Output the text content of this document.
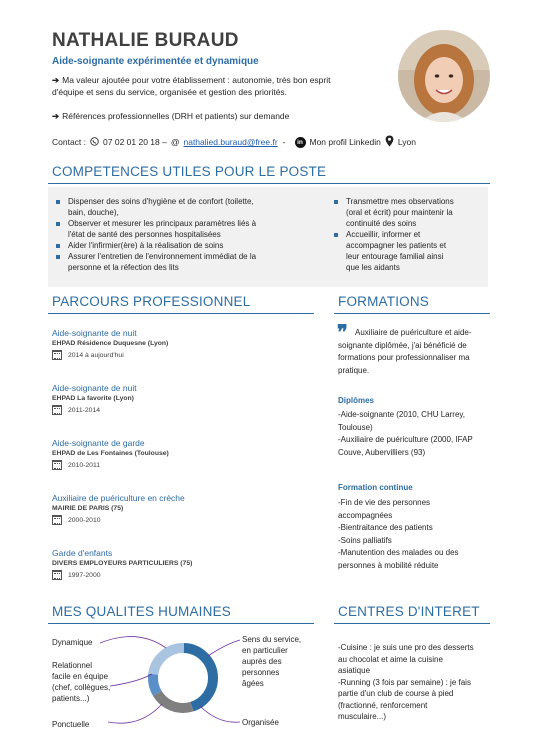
NATHALIE BURAUD
Aide-soignante expérimentée et dynamique
➔ Ma valeur ajoutée pour votre établissement : autonomie, très bon esprit
d'équipe et sens du service, organisée et gestion des priorités.
➔ Références professionnelles (DRH et patients) sur demande
Contact : 07 02 01 20 18 – @ nathalied.buraud@free.fr -	in Mon profil Linkedin Lyon
COMPETENCES UTILES POUR LE POSTE
Dispenser des soins d'hygiène et de confort (toilette,
bain, douche),
Observer et mesurer les principaux paramètres liés à
l'état de santé des personnes hospitalisées
Aider l'infirmier(ère) à la réalisation de soins
Assurer l'entretien de l'environnement immédiat de la
personne et la réfection des lits
Transmettre mes observations
(oral et écrit) pour maintenir la
continuité des soins
Accueillir, informer et
accompagner les patients et
leur entourage familial ainsi
que les aidants
PARCOURS PROFESSIONNEL
Aide-soignante de nuit
EHPAD Résidence Duquesne (Lyon)
2014 à aujourd'hui
Aide-soignante de nuit
EHPAD La favorite (Lyon)
2011-2014
Aide-soignante de garde
EHPAD de Les Fontaines (Toulouse)
2010-2011
Auxiliaire de puériculture en crèche
MAIRIE DE PARIS (75)
2000-2010
Garde d'enfants
DIVERS EMPLOYEURS PARTICULIERS (75)
1997-2000
FORMATIONS
❞ Auxiliaire de puériculture et aide-
soignante diplômée, j'ai bénéficié de
formations pour professionnaliser ma
pratique.
Diplômes
-Aide-soignante (2010, CHU Larrey,
Toulouse)
-Auxiliaire de puériculture (2000, IFAP
Couve, Aubervilliers (93)
Formation continue
-Fin de vie des personnes
accompagnées
-Bientraitance des patients
-Soins palliatifs
-Manutention des malades ou des
personnes à mobilité réduite
MES QUALITES HUMAINES
Dynamique
Relationnel
facile en équipe
(chef, collègues,
patients...)
Ponctuelle
Sens du service,
en particulier
auprès des
personnes
âgées
Organisée
CENTRES D'INTERET
-Cuisine : je suis une pro des desserts
au chocolat et aime la cuisine
asiatique
-Running (3 fois par semaine) : je fais
partie d'un club de course à pied
(fractionné, renforcement
musculaire...)
